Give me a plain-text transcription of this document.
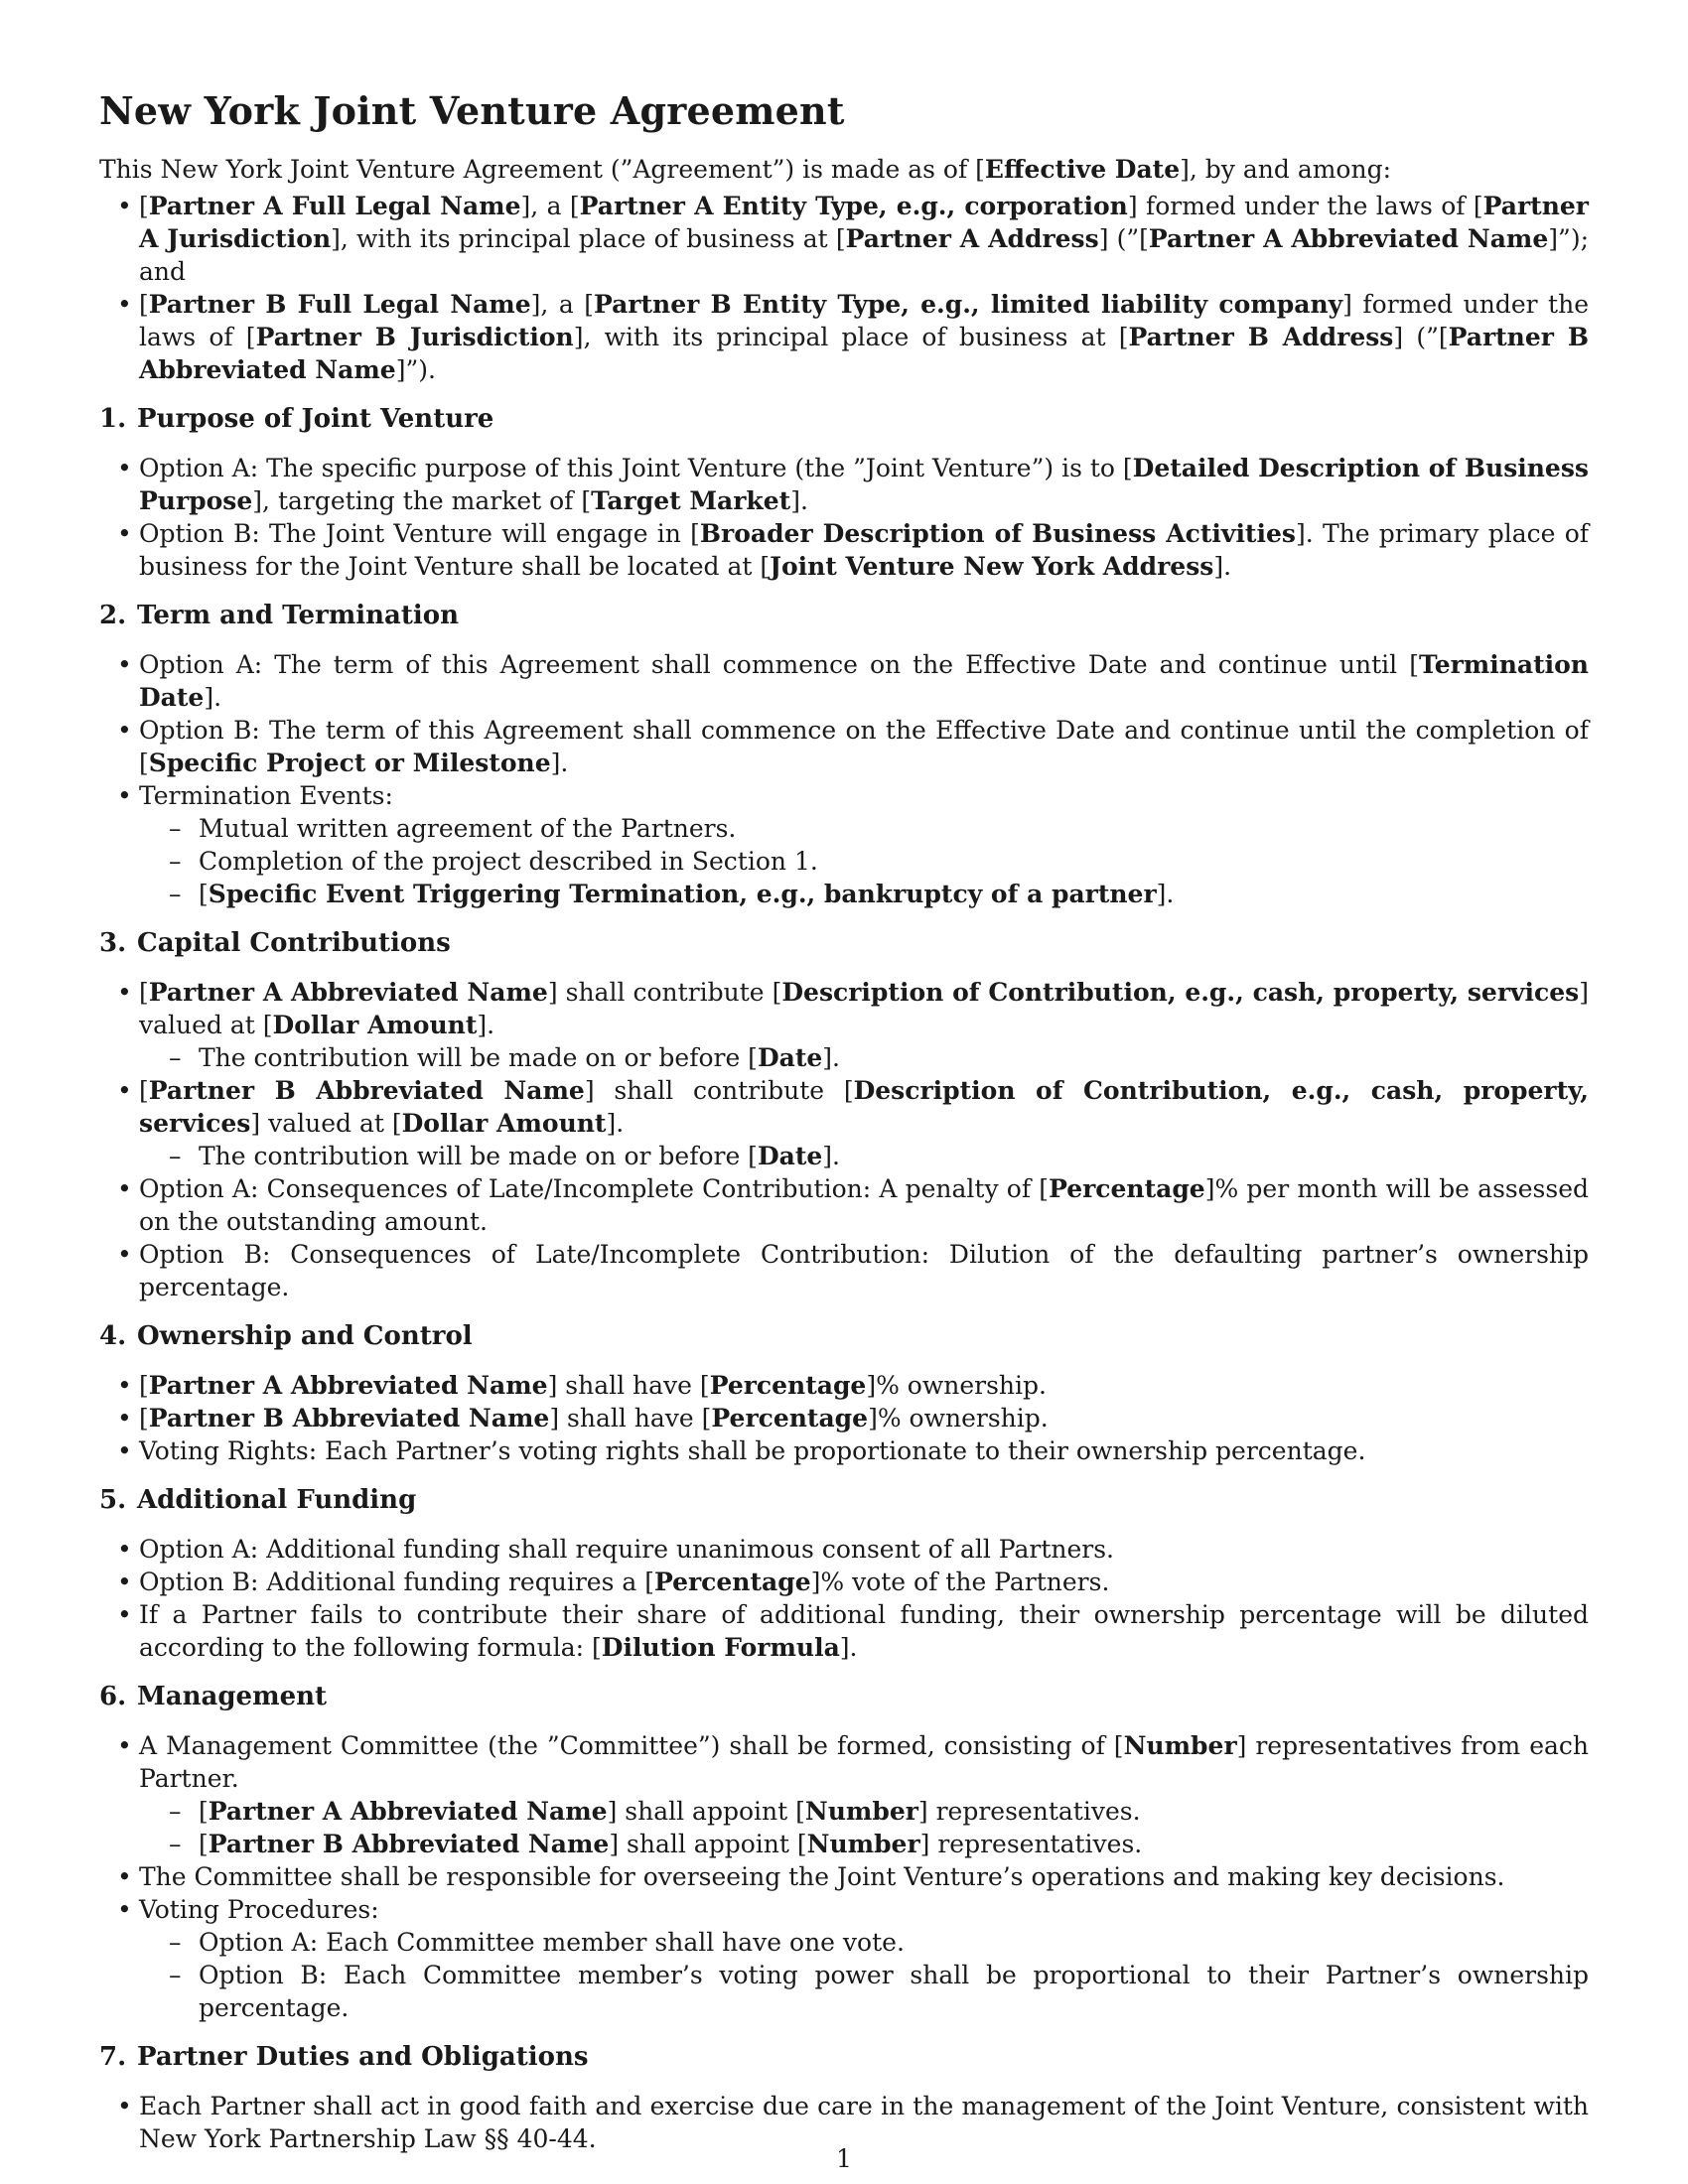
New York Joint Venture Agreement

This New York Joint Venture Agreement (”Agreement”) is made as of [Effective Date], by and among:

• [Partner A Full Legal Name], a [Partner A Entity Type, e.g., corporation] formed under the laws of [Partner A Jurisdiction], with its principal place of business at [Partner A Address] (”[Partner A Abbreviated Name]”); and
• [Partner B Full Legal Name], a [Partner B Entity Type, e.g., limited liability company] formed under the laws of [Partner B Jurisdiction], with its principal place of business at [Partner B Address] (”[Partner B Abbreviated Name]”).
1. Purpose of Joint Venture
• Option A: The specific purpose of this Joint Venture (the ”Joint Venture”) is to [Detailed Description of Business Purpose], targeting the market of [Target Market].
• Option B: The Joint Venture will engage in [Broader Description of Business Activities]. The primary place of business for the Joint Venture shall be located at [Joint Venture New York Address].
2. Term and Termination
• Option A: The term of this Agreement shall commence on the Effective Date and continue until [Termination Date].
• Option B: The term of this Agreement shall commence on the Effective Date and continue until the completion of [Specific Project or Milestone].
• Termination Events:
– Mutual written agreement of the Partners.
– Completion of the project described in Section 1.
– [Specific Event Triggering Termination, e.g., bankruptcy of a partner].
3. Capital Contributions
• [Partner A Abbreviated Name] shall contribute [Description of Contribution, e.g., cash, property, services] valued at [Dollar Amount].
– The contribution will be made on or before [Date].
• [Partner B Abbreviated Name] shall contribute [Description of Contribution, e.g., cash, property, services] valued at [Dollar Amount].
– The contribution will be made on or before [Date].
• Option A: Consequences of Late/Incomplete Contribution: A penalty of [Percentage]% per month will be assessed on the outstanding amount.
• Option B: Consequences of Late/Incomplete Contribution: Dilution of the defaulting partner’s ownership percentage.
4. Ownership and Control
• [Partner A Abbreviated Name] shall have [Percentage]% ownership.
• [Partner B Abbreviated Name] shall have [Percentage]% ownership.
• Voting Rights: Each Partner’s voting rights shall be proportionate to their ownership percentage.
5. Additional Funding
• Option A: Additional funding shall require unanimous consent of all Partners.
• Option B: Additional funding requires a [Percentage]% vote of the Partners.
• If a Partner fails to contribute their share of additional funding, their ownership percentage will be diluted according to the following formula: [Dilution Formula].
6. Management
• A Management Committee (the ”Committee”) shall be formed, consisting of [Number] representatives from each Partner.
– [Partner A Abbreviated Name] shall appoint [Number] representatives.
– [Partner B Abbreviated Name] shall appoint [Number] representatives.
• The Committee shall be responsible for overseeing the Joint Venture’s operations and making key decisions.
• Voting Procedures:
– Option A: Each Committee member shall have one vote.
– Option B: Each Committee member’s voting power shall be proportional to their Partner’s ownership percentage.
7. Partner Duties and Obligations
• Each Partner shall act in good faith and exercise due care in the management of the Joint Venture, consistent with New York Partnership Law §§ 40-44.
1
